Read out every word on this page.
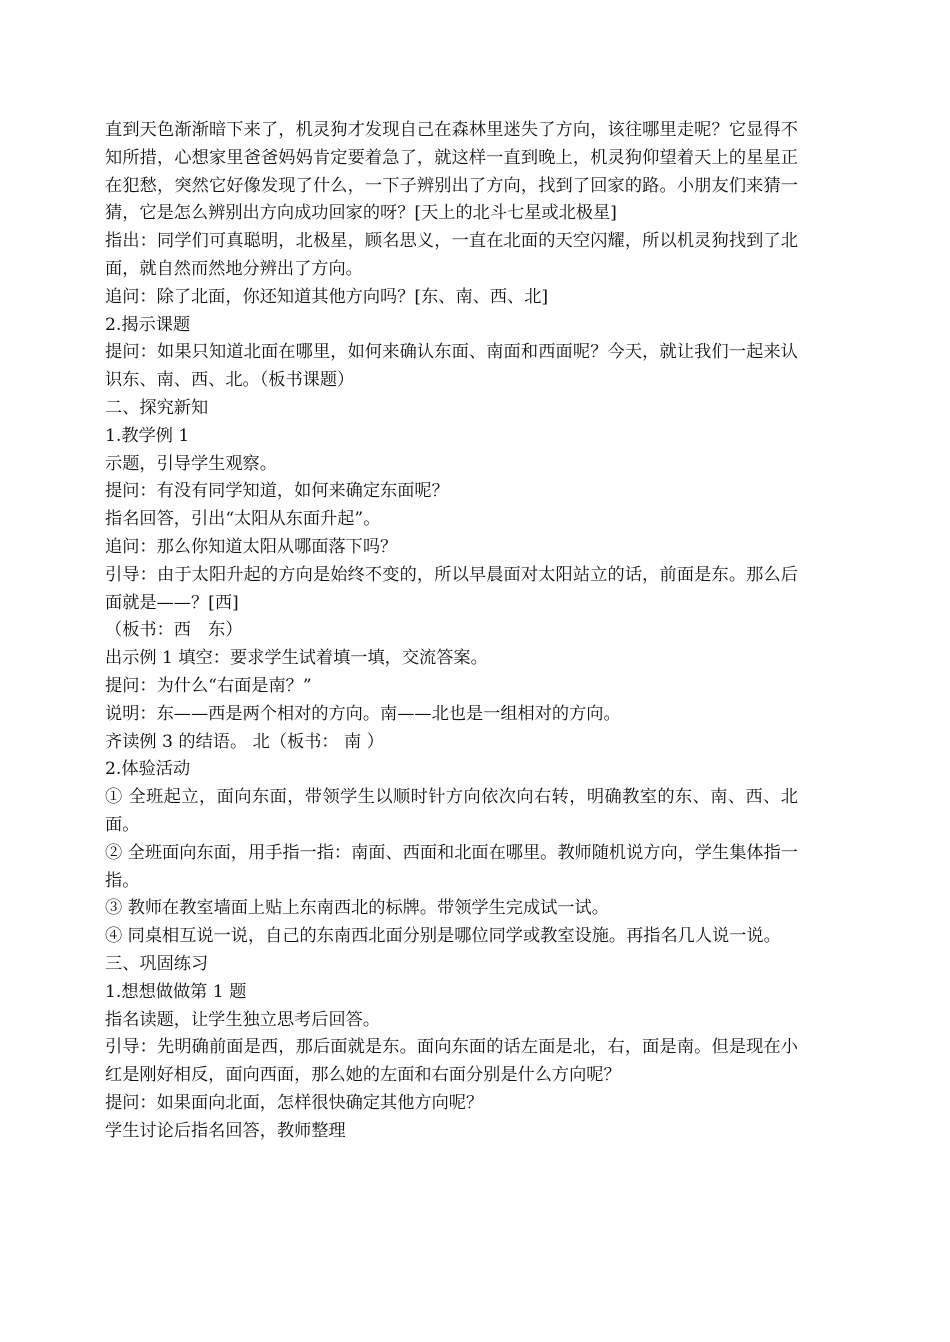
直到天色渐渐暗下来了，机灵狗才发现自己在森林里迷失了方向，该往哪里走呢？它显得不知所措，心想家里爸爸妈妈肯定要着急了，就这样一直到晚上，机灵狗仰望着天上的星星正在犯愁，突然它好像发现了什么，一下子辨别出了方向，找到了回家的路。小朋友们来猜一猜，它是怎么辨别出方向成功回家的呀？[天上的北斗七星或北极星]

指出：同学们可真聪明，北极星，顾名思义，一直在北面的天空闪耀，所以机灵狗找到了北面，就自然而然地分辨出了方向。

追问：除了北面，你还知道其他方向吗？[东、南、西、北]

2.揭示课题

提问：如果只知道北面在哪里，如何来确认东面、南面和西面呢？今天，就让我们一起来认识东、南、西、北。（板书课题）

二、探究新知

1.教学例 1

示题，引导学生观察。

提问：有没有同学知道，如何来确定东面呢？

指名回答，引出“太阳从东面升起”。

追问：那么你知道太阳从哪面落下吗？

引导：由于太阳升起的方向是始终不变的，所以早晨面对太阳站立的话，前面是东。那么后面就是——？[西]

（板书：西　东）

出示例 1 填空：要求学生试着填一填，交流答案。

提问：为什么“右面是南？”

说明：东——西是两个相对的方向。南——北也是一组相对的方向。

齐读例 3 的结语。 北（板书： 南 ）

2.体验活动

① 全班起立，面向东面，带领学生以顺时针方向依次向右转，明确教室的东、南、西、北面。

② 全班面向东面，用手指一指：南面、西面和北面在哪里。教师随机说方向，学生集体指一指。

③ 教师在教室墙面上贴上东南西北的标牌。带领学生完成试一试。

④ 同桌相互说一说，自己的东南西北面分别是哪位同学或教室设施。再指名几人说一说。

三、巩固练习

1.想想做做第 1 题

指名读题，让学生独立思考后回答。

引导：先明确前面是西，那后面就是东。面向东面的话左面是北，右，面是南。但是现在小红是刚好相反，面向西面，那么她的左面和右面分别是什么方向呢？

提问：如果面向北面，怎样很快确定其他方向呢？

学生讨论后指名回答，教师整理
